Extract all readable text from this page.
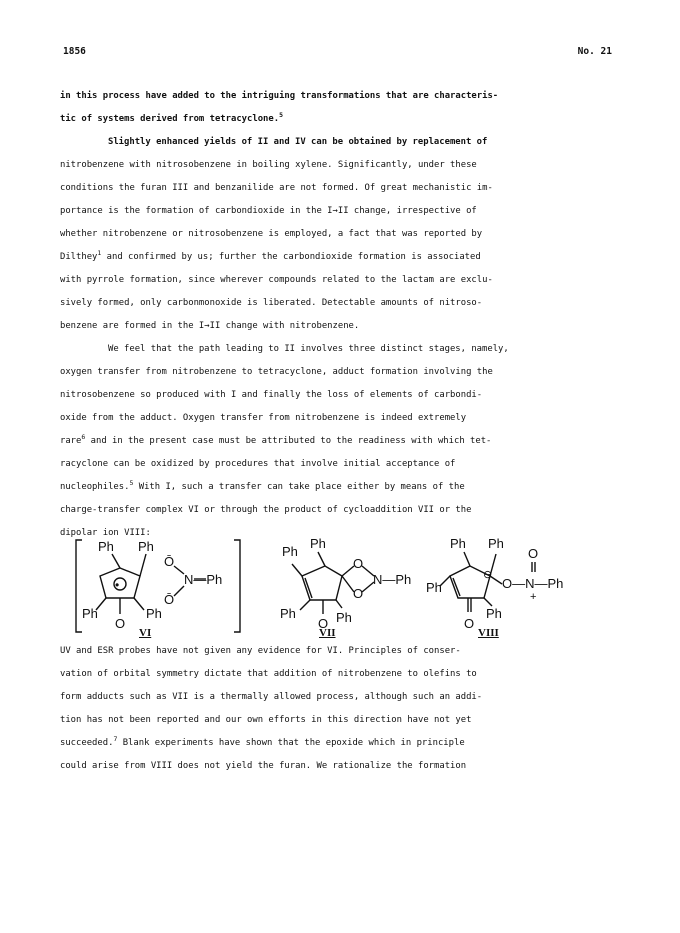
1856	No. 21
in this process have added to the intriguing transformations that are characteris-
tic of systems derived from tetracyclone.$^5$
Slightly enhanced yields of II and IV can be obtained by replacement of
nitrobenzene with nitrosobenzene in boiling xylene. Significantly, under these
conditions the furan III and benzanilide are not formed. Of great mechanistic im-
portance is the formation of carbondioxide in the I→II change, irrespective of
whether nitrobenzene or nitrosobenzene is employed, a fact that was reported by
Dilthey$^1$ and confirmed by us; further the carbondioxide formation is associated
with pyrrole formation, since wherever compounds related to the lactam are exclu-
sively formed, only carbonmonoxide is liberated. Detectable amounts of nitroso-
benzene are formed in the I→II change with nitrobenzene.
We feel that the path leading to II involves three distinct stages, namely,
oxygen transfer from nitrobenzene to tetracyclone, adduct formation involving the
nitrosobenzene so produced with I and finally the loss of elements of carbondi-
oxide from the adduct. Oxygen transfer from nitrobenzene is indeed extremely
rare$^6$ and in the present case must be attributed to the readiness with which tet-
racyclone can be oxidized by procedures that involve initial acceptance of
nucleophiles.$^5$ With I, such a transfer can take place either by means of the
charge-transfer complex VI or through the product of cycloaddition VII or the
dipolar ion VIII:
Ph Ph
Ph	Ph
O
•
Ō
Ō
N—Ph
Ph
Ph
Ph	Ph
O
O
O
N—Ph
Ph Ph
Ph
Ph
O
O
⊖
O—N—Ph
+
VI	VII	VIII
UV and ESR probes have not given any evidence for VI. Principles of conser-
vation of orbital symmetry dictate that addition of nitrobenzene to olefins to
form adducts such as VII is a thermally allowed process, although such an addi-
tion has not been reported and our own efforts in this direction have not yet
succeeded.$^7$ Blank experiments have shown that the epoxide which in principle
could arise from VIII does not yield the furan. We rationalize the formation
